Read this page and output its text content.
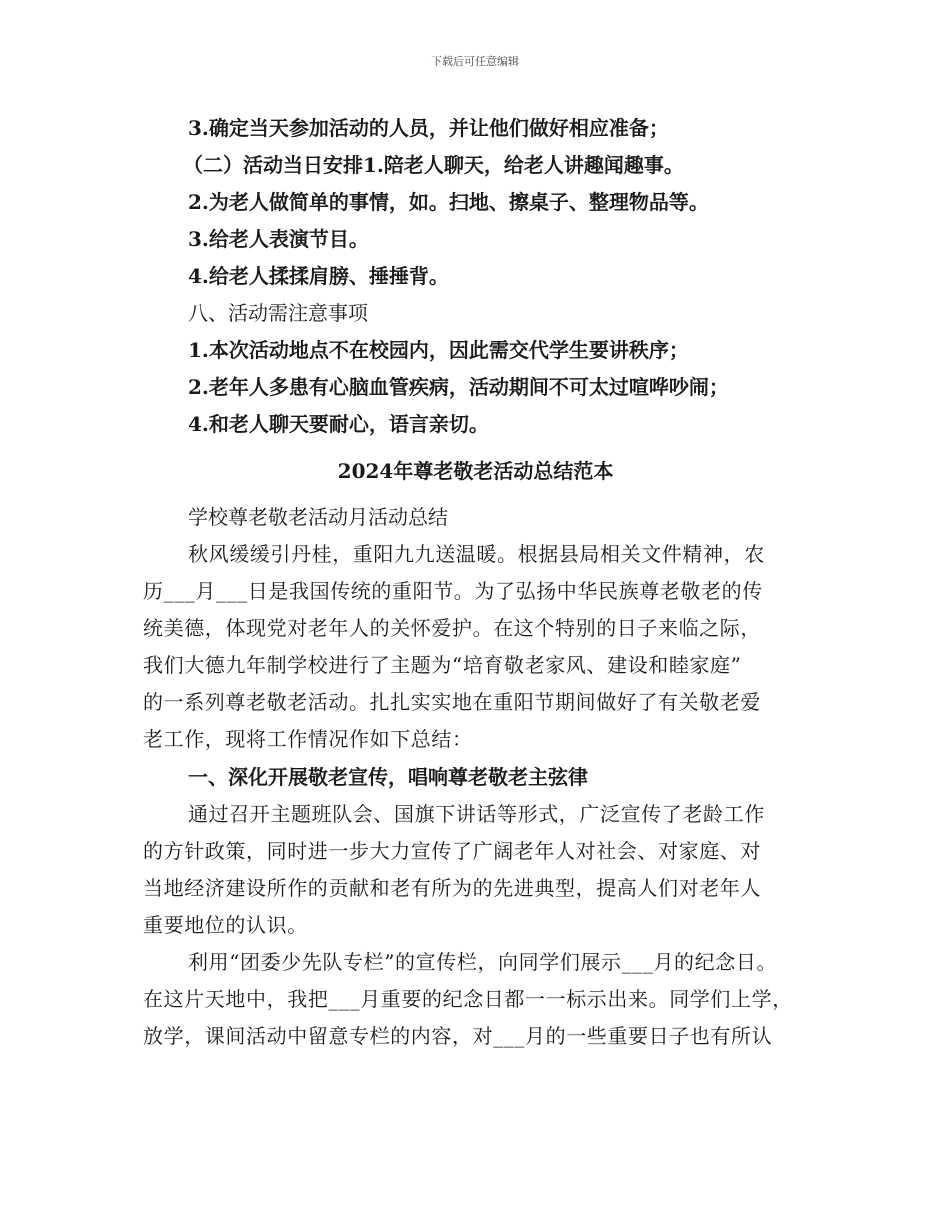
下载后可任意编辑
3.确定当天参加活动的人员，并让他们做好相应准备；
（二）活动当日安排1.陪老人聊天，给老人讲趣闻趣事。
2.为老人做简单的事情，如。扫地、擦桌子、整理物品等。
3.给老人表演节目。
4.给老人揉揉肩膀、捶捶背。
八、活动需注意事项
1.本次活动地点不在校园内，因此需交代学生要讲秩序；
2.老年人多患有心脑血管疾病，活动期间不可太过喧哗吵闹；
4.和老人聊天要耐心，语言亲切。
2024年尊老敬老活动总结范本
学校尊老敬老活动月活动总结
秋风缓缓引丹桂，重阳九九送温暖。根据县局相关文件精神，农
历___月___日是我国传统的重阳节。为了弘扬中华民族尊老敬老的传
统美德，体现党对老年人的关怀爱护。在这个特别的日子来临之际，
我们大德九年制学校进行了主题为“培育敬老家风、建设和睦家庭”
的一系列尊老敬老活动。扎扎实实地在重阳节期间做好了有关敬老爱
老工作，现将工作情况作如下总结：
一、深化开展敬老宣传，唱响尊老敬老主弦律
通过召开主题班队会、国旗下讲话等形式，广泛宣传了老龄工作
的方针政策，同时进一步大力宣传了广阔老年人对社会、对家庭、对
当地经济建设所作的贡献和老有所为的先进典型，提高人们对老年人
重要地位的认识。
利用“团委少先队专栏”的宣传栏，向同学们展示___月的纪念日。
在这片天地中，我把___月重要的纪念日都一一标示出来。同学们上学，
放学，课间活动中留意专栏的内容，对___月的一些重要日子也有所认
